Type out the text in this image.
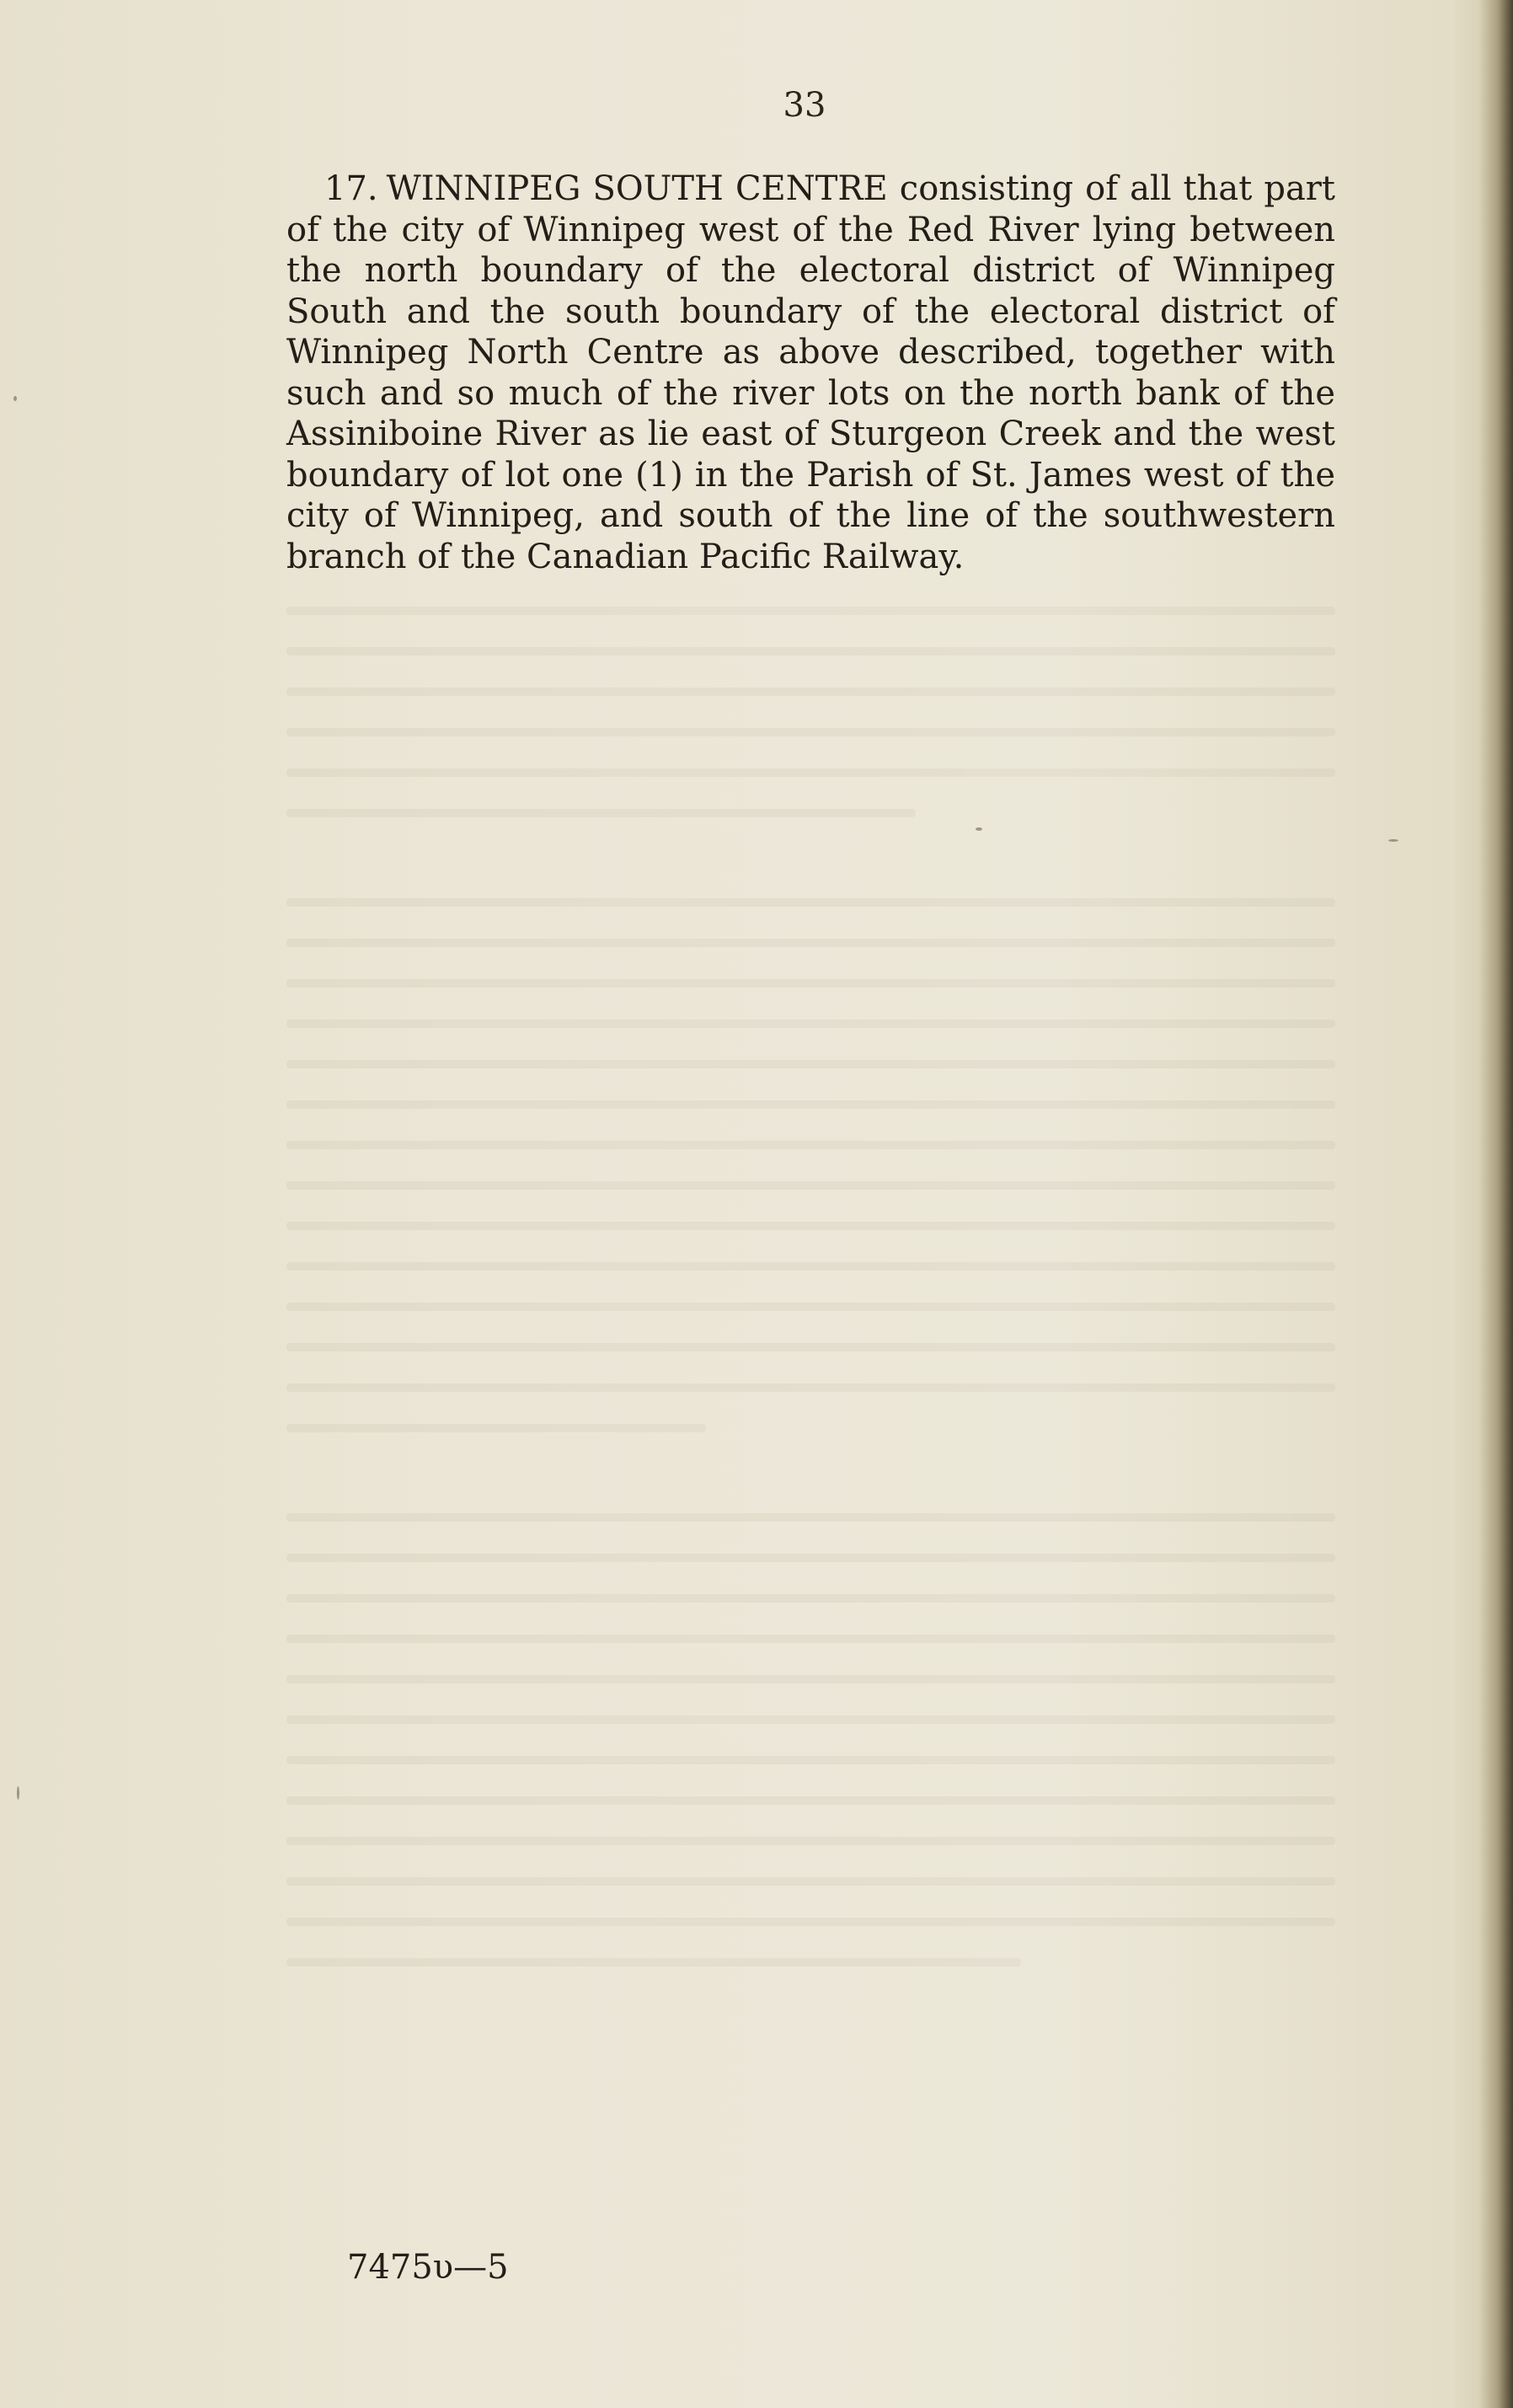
33
17. WINNIPEG SOUTH CENTRE consisting of all that part of the city of Winnipeg west of the Red River lying between the north boundary of the electoral district of Winnipeg South and the south boundary of the electoral district of Winnipeg North Centre as above described, together with such and so much of the river lots on the north bank of the Assiniboine River as lie east of Sturgeon Creek and the west boundary of lot one (1) in the Parish of St. James west of the city of Winnipeg, and south of the line of the southwestern branch of the Canadian Pacific Railway.
7475υ—5
